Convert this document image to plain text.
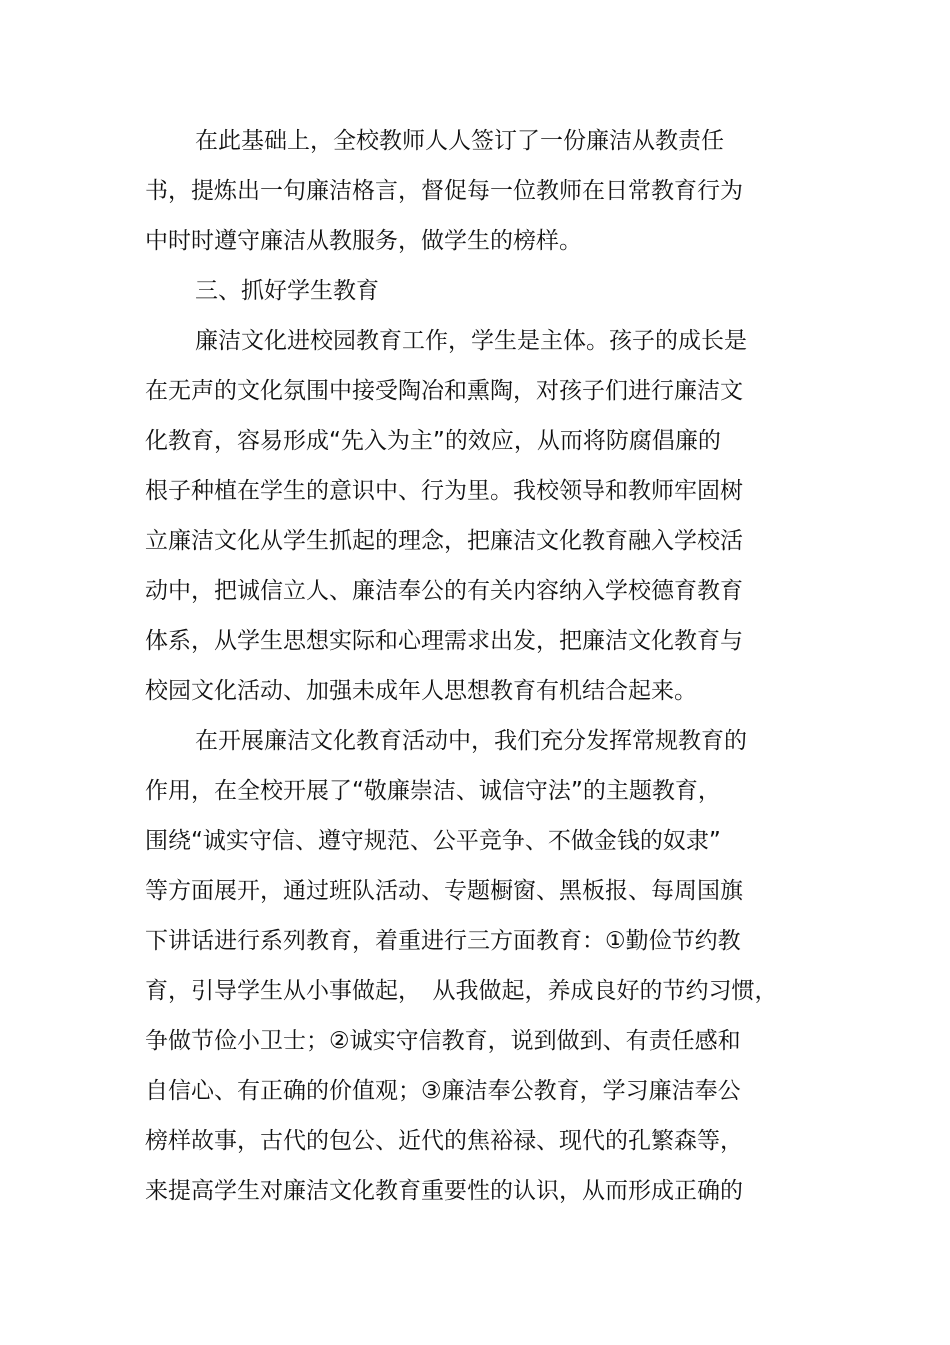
在此基础上，全校教师人人签订了一份廉洁从教责任
书，提炼出一句廉洁格言，督促每一位教师在日常教育行为
中时时遵守廉洁从教服务，做学生的榜样。
三、抓好学生教育
廉洁文化进校园教育工作，学生是主体。孩子的成长是
在无声的文化氛围中接受陶冶和熏陶，对孩子们进行廉洁文
化教育，容易形成“先入为主”的效应，从而将防腐倡廉的
根子种植在学生的意识中、行为里。我校领导和教师牢固树
立廉洁文化从学生抓起的理念，把廉洁文化教育融入学校活
动中，把诚信立人、廉洁奉公的有关内容纳入学校德育教育
体系，从学生思想实际和心理需求出发，把廉洁文化教育与
校园文化活动、加强未成年人思想教育有机结合起来。
在开展廉洁文化教育活动中，我们充分发挥常规教育的
作用，在全校开展了“敬廉崇洁、诚信守法”的主题教育，
围绕“诚实守信、遵守规范、公平竞争、不做金钱的奴隶”
等方面展开，通过班队活动、专题橱窗、黑板报、每周国旗
下讲话进行系列教育，着重进行三方面教育：①勤俭节约教
育，引导学生从小事做起，　从我做起，养成良好的节约习惯，
争做节俭小卫士；②诚实守信教育，说到做到、有责任感和
自信心、有正确的价值观；③廉洁奉公教育，学习廉洁奉公
榜样故事，古代的包公、近代的焦裕禄、现代的孔繁森等，
来提高学生对廉洁文化教育重要性的认识，从而形成正确的
